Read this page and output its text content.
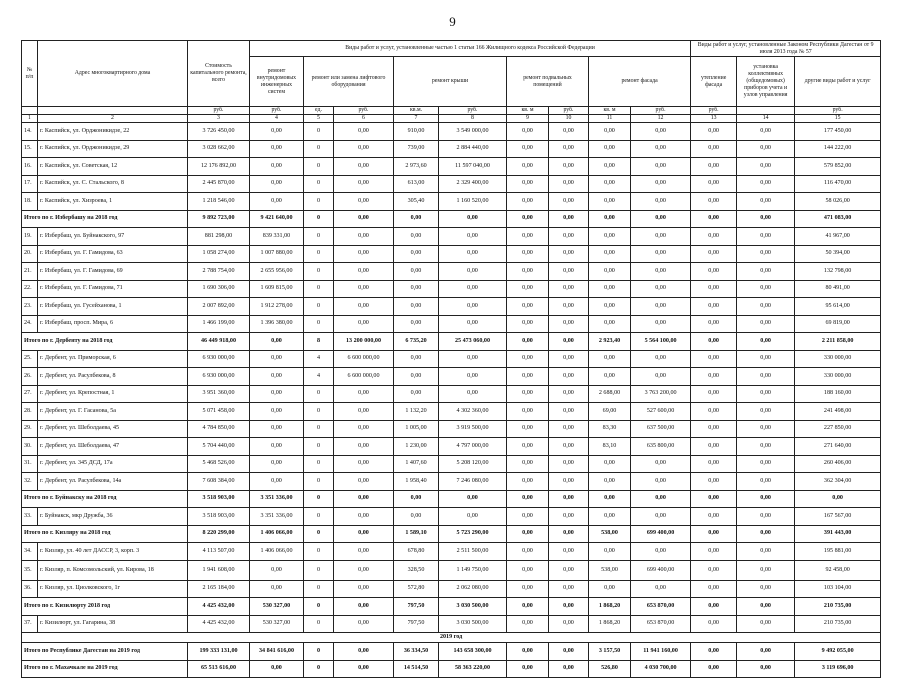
9
№
п/п	Адрес многоквартирного дома	Стоимость капитального ремонта, всего	Виды работ и услуг, установленные частью 1 статьи 166 Жилищного кодекса Российской Федерации									Виды работ и услуг, установленные Законом Республики Дагестан от 9 июля 2013 года № 57		
			ремонт внутридомовых инженерных систем	ремонт или замена лифтового оборудования		ремонт крыши		ремонт подвальных помещений		ремонт фасада		утепление фасада	установка коллективных (общедомовых) приборов учета и узлов управления	другие виды работ и услуг
		руб.	руб.	ед.	руб.	кв.м.	руб.	кв. м	руб.	кв. м	руб.	руб.		руб.
1	2	3	4	5	6	7	8	9	10	11	12	13	14	15
14.	г. Каспийск, ул. Орджоникидзе, 22	3 726 450,00	0,00	0	0,00	910,00	3 549 000,00	0,00	0,00	0,00	0,00	0,00	0,00	177 450,00
15.	г. Каспийск, ул. Орджоникидзе, 29	3 028 662,00	0,00	0	0,00	739,00	2 884 440,00	0,00	0,00	0,00	0,00	0,00	0,00	144 222,00
16.	г. Каспийск, ул. Советская, 12	12 176 892,00	0,00	0	0,00	2 973,60	11 597 040,00	0,00	0,00	0,00	0,00	0,00	0,00	579 852,00
17.	г. Каспийск, ул. С. Стальского, 8	2 445 870,00	0,00	0	0,00	613,00	2 329 400,00	0,00	0,00	0,00	0,00	0,00	0,00	116 470,00
18.	г. Каспийск, ул. Хизроева, 1	1 218 546,00	0,00	0	0,00	305,40	1 160 520,00	0,00	0,00	0,00	0,00	0,00	0,00	58 026,00
Итого по г. Избербашу на 2018 год		9 892 723,00	9 421 640,00	0	0,00	0,00	0,00	0,00	0,00	0,00	0,00	0,00	0,00	471 083,00
19.	г. Избербаш, ул. Буйнакского, 97	881 298,00	839 331,00	0	0,00	0,00	0,00	0,00	0,00	0,00	0,00	0,00	0,00	41 967,00
20.	г. Избербаш, ул. Г. Гамидова, 63	1 058 274,00	1 007 880,00	0	0,00	0,00	0,00	0,00	0,00	0,00	0,00	0,00	0,00	50 394,00
21.	г. Избербаш, ул. Г. Гамидова, 69	2 788 754,00	2 655 956,00	0	0,00	0,00	0,00	0,00	0,00	0,00	0,00	0,00	0,00	132 798,00
22.	г. Избербаш, ул. Г. Гамидова, 71	1 690 306,00	1 609 815,00	0	0,00	0,00	0,00	0,00	0,00	0,00	0,00	0,00	0,00	80 491,00
23.	г. Избербаш, ул. Гусейханова, 1	2 007 892,00	1 912 278,00	0	0,00	0,00	0,00	0,00	0,00	0,00	0,00	0,00	0,00	95 614,00
24.	г. Избербаш, просп. Мира, 6	1 466 199,00	1 396 380,00	0	0,00	0,00	0,00	0,00	0,00	0,00	0,00	0,00	0,00	69 819,00
Итого по г. Дербенту на 2018 год		46 449 918,00	0,00	8	13 200 000,00	6 735,20	25 473 060,00	0,00	0,00	2 923,40	5 564 100,00	0,00	0,00	2 211 858,00
25.	г. Дербент, ул. Приморская, 6	6 930 000,00	0,00	4	6 600 000,00	0,00	0,00	0,00	0,00	0,00	0,00	0,00	0,00	330 000,00
26.	г. Дербент, ул. Расулбекова, 8	6 930 000,00	0,00	4	6 600 000,00	0,00	0,00	0,00	0,00	0,00	0,00	0,00	0,00	330 000,00
27.	г. Дербент, ул. Крепостная, 1	3 951 360,00	0,00	0	0,00	0,00	0,00	0,00	0,00	2 688,00	3 763 200,00	0,00	0,00	188 160,00
28.	г. Дербент, ул. Г. Гасанова, 5а	5 071 458,00	0,00	0	0,00	1 132,20	4 302 360,00	0,00	0,00	69,00	527 600,00	0,00	0,00	241 498,00
29.	г. Дербент, ул. Шеболдаева, 45	4 784 850,00	0,00	0	0,00	1 005,00	3 919 500,00	0,00	0,00	83,30	637 500,00	0,00	0,00	227 850,00
30.	г. Дербент, ул. Шеболдаева, 47	5 704 440,00	0,00	0	0,00	1 230,00	4 797 000,00	0,00	0,00	83,10	635 800,00	0,00	0,00	271 640,00
31.	г. Дербент, ул. 345 ДСД, 17а	5 468 526,00	0,00	0	0,00	1 407,60	5 208 120,00	0,00	0,00	0,00	0,00	0,00	0,00	260 406,00
32.	г. Дербент, ул. Расулбекова, 14а	7 608 384,00	0,00	0	0,00	1 958,40	7 246 080,00	0,00	0,00	0,00	0,00	0,00	0,00	362 304,00
Итого по г. Буйнакску на 2018 год		3 518 903,00	3 351 336,00	0	0,00	0,00	0,00	0,00	0,00	0,00	0,00	0,00	0,00	0,00
33.	г. Буйнакск, мкр Дружба, 36	3 518 903,00	3 351 336,00	0	0,00	0,00	0,00	0,00	0,00	0,00	0,00	0,00	0,00	167 567,00
Итого по г. Кизляру на 2018 год		8 220 299,00	1 406 066,00	0	0,00	1 589,10	5 723 290,00	0,00	0,00	538,00	699 400,00	0,00	0,00	391 443,00
34.	г. Кизляр, ул. 40 лет ДАССР, 3, корп. 3	4 113 507,00	1 406 066,00	0	0,00	678,80	2 511 500,00	0,00	0,00	0,00	0,00	0,00	0,00	195 881,00
35.	г. Кизляр, п. Комсомольский, ул. Кирова, 18	1 941 608,00	0,00	0	0,00	328,50	1 149 750,00	0,00	0,00	538,00	699 400,00	0,00	0,00	92 458,00
36.	г. Кизляр, ул. Циолковского, 1г	2 165 184,00	0,00	0	0,00	572,80	2 062 080,00	0,00	0,00	0,00	0,00	0,00	0,00	103 104,00
Итого по г. Кизилюрту 2018 год		4 425 432,00	530 327,00	0	0,00	797,50	3 030 500,00	0,00	0,00	1 868,20	653 870,00	0,00	0,00	210 735,00
37.	г. Кизилюрт, ул. Гагарина, 38	4 425 432,00	530 327,00	0	0,00	797,50	3 030 500,00	0,00	0,00	1 868,20	653 870,00	0,00	0,00	210 735,00
2019 год														
Итого по Республике Дагестан на 2019 год		199 333 131,00	34 841 616,00	0	0,00	36 334,50	143 658 300,00	0,00	0,00	3 157,50	11 941 160,00	0,00	0,00	9 492 055,00
Итого по г. Махачкале на 2019 год		65 513 616,00	0,00	0	0,00	14 514,50	58 363 220,00	0,00	0,00	526,80	4 030 700,00	0,00	0,00	3 119 696,00
